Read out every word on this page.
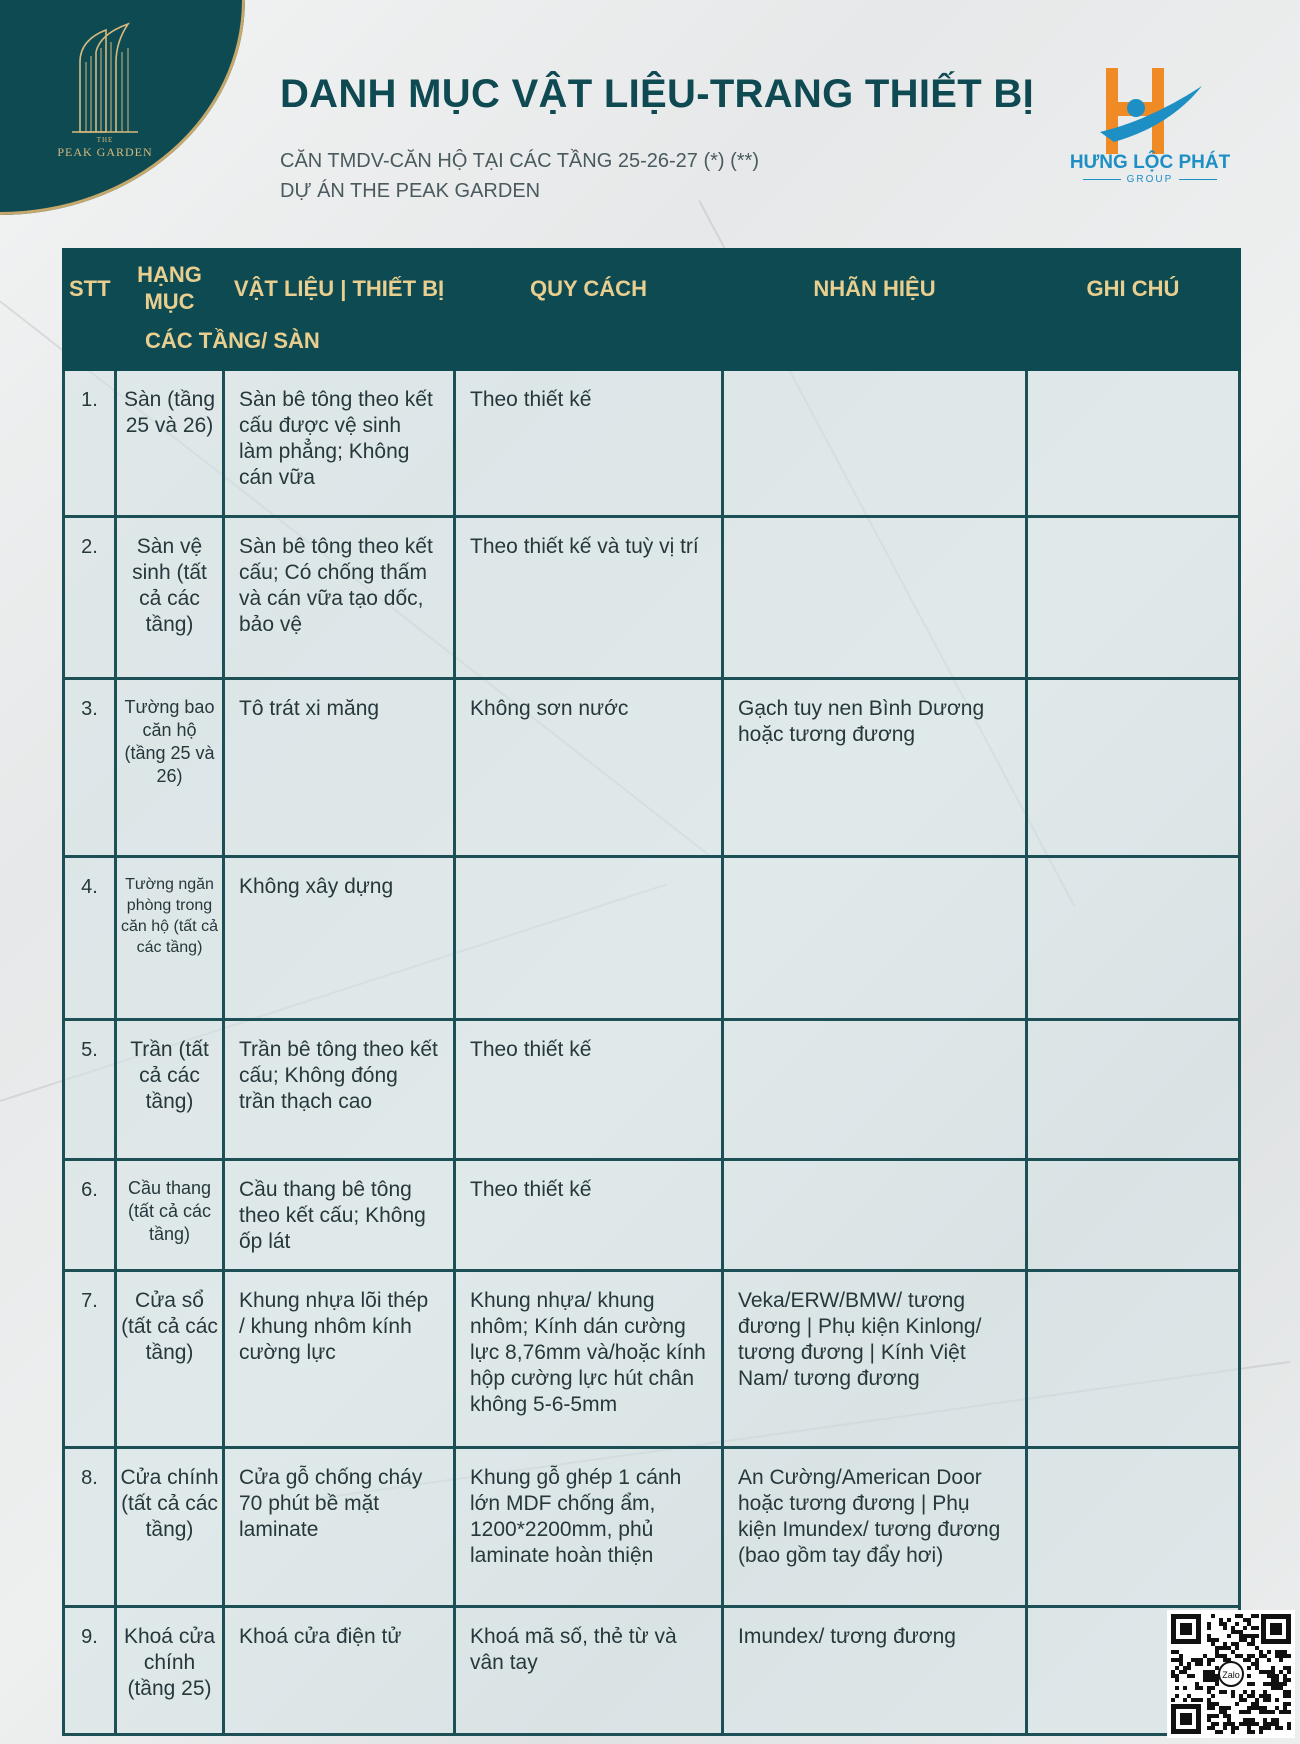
THE
PEAK GARDEN
DANH MỤC VẬT LIỆU-TRANG THIẾT BỊ
CĂN TMDV-CĂN HỘ TẠI CÁC TẦNG 25-26-27 (*) (**)
DỰ ÁN THE PEAK GARDEN
HƯNG LỘC PHÁT
GROUP
STT	HẠNG MỤC	VẬT LIỆU | THIẾT BỊ	QUY CÁCH	NHÃN HIỆU	GHI CHÚ
CÁC TẦNG/ SÀN					
1.	Sàn (tầng 25 và 26)	Sàn bê tông theo kết cấu được vệ sinh làm phẳng; Không cán vữa	Theo thiết kế		
2.	Sàn vệ sinh (tất cả các tầng)	Sàn bê tông theo kết cấu; Có chống thấm và cán vữa tạo dốc, bảo vệ	Theo thiết kế và tuỳ vị trí		
3.	Tường bao căn hộ (tầng 25 và 26)	Tô trát xi măng	Không sơn nước	Gạch tuy nen Bình Dương hoặc tương đương	
4.	Tường ngăn phòng trong căn hộ (tất cả các tầng)	Không xây dựng			
5.	Trần (tất cả các tầng)	Trần bê tông theo kết cấu; Không đóng trần thạch cao	Theo thiết kế		
6.	Cầu thang (tất cả các tầng)	Cầu thang bê tông theo kết cấu; Không ốp lát	Theo thiết kế		
7.	Cửa sổ (tất cả các tầng)	Khung nhựa lõi thép / khung nhôm kính cường lực	Khung nhựa/ khung nhôm; Kính dán cường lực 8,76mm và/hoặc kính hộp cường lực hút chân không 5-6-5mm	Veka/ERW/BMW/ tương đương | Phụ kiện Kinlong/ tương đương | Kính Việt Nam/ tương đương	
8.	Cửa chính (tất cả các tầng)	Cửa gỗ chống cháy 70 phút bề mặt laminate	Khung gỗ ghép 1 cánh lớn MDF chống ẩm, 1200*2200mm, phủ laminate hoàn thiện	An Cường/American Door hoặc tương đương | Phụ kiện Imundex/ tương đương (bao gồm tay đẩy hơi)	
9.	Khoá cửa chính (tầng 25)	Khoá cửa điện tử	Khoá mã số, thẻ từ và vân tay	Imundex/ tương đương	
Zalo
